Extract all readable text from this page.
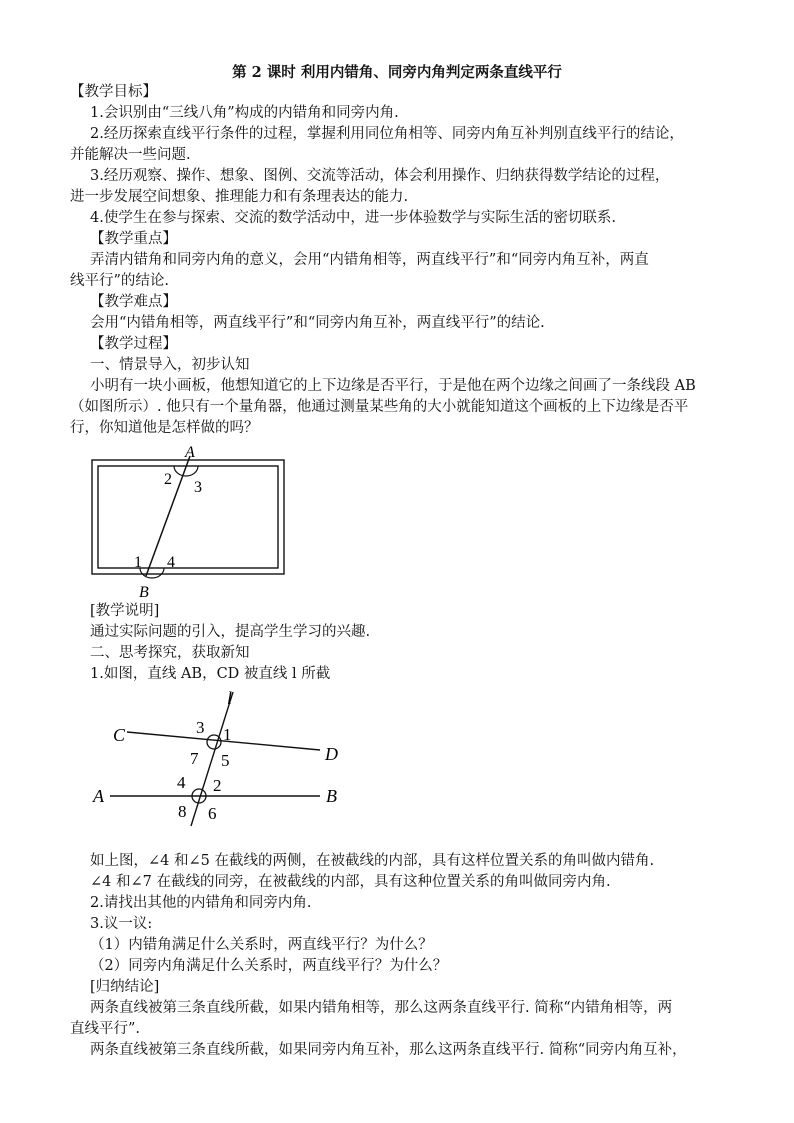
第 2 课时 利用内错角、同旁内角判定两条直线平行
【教学目标】
1.会识别由“三线八角”构成的内错角和同旁内角.
2.经历探索直线平行条件的过程，掌握利用同位角相等、同旁内角互补判别直线平行的结论，
并能解决一些问题.
3.经历观察、操作、想象、图例、交流等活动，体会利用操作、归纳获得数学结论的过程，
进一步发展空间想象、推理能力和有条理表达的能力.
4.使学生在参与探索、交流的数学活动中，进一步体验数学与实际生活的密切联系.
【教学重点】
弄清内错角和同旁内角的意义，会用“内错角相等，两直线平行”和“同旁内角互补，两直
线平行”的结论.
【教学难点】
会用“内错角相等，两直线平行”和“同旁内角互补，两直线平行”的结论.
【教学过程】
一、情景导入，初步认知
小明有一块小画板，他想知道它的上下边缘是否平行，于是他在两个边缘之间画了一条线段 AB
（如图所示）. 他只有一个量角器，他通过测量某些角的大小就能知道这个画板的上下边缘是否平
行，你知道他是怎样做的吗？
A
B
1
2 3
4
[教学说明]
通过实际问题的引入，提高学生学习的兴趣.
二、思考探究，获取新知
1.如图，直线 AB，CD 被直线 l 所截
l
C
D
A	B
1
2
3
4
5
6
7
8
如上图，∠4 和∠5 在截线的两侧，在被截线的内部，具有这样位置关系的角叫做内错角.
∠4 和∠7 在截线的同旁，在被截线的内部，具有这种位置关系的角叫做同旁内角.
2.请找出其他的内错角和同旁内角.
3.议一议:
（1）内错角满足什么关系时，两直线平行？为什么？
（2）同旁内角满足什么关系时，两直线平行？为什么？
[归纳结论]
两条直线被第三条直线所截，如果内错角相等，那么这两条直线平行. 简称“内错角相等，两
直线平行”.
两条直线被第三条直线所截，如果同旁内角互补，那么这两条直线平行. 简称“同旁内角互补，
